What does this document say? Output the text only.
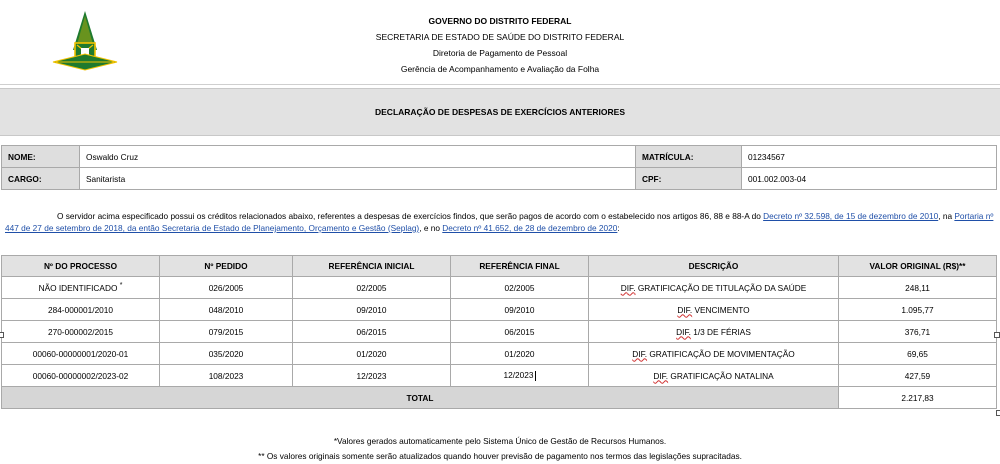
GOVERNO DO DISTRITO FEDERAL
SECRETARIA DE ESTADO DE SAÚDE DO DISTRITO FEDERAL
Diretoria de Pagamento de Pessoal
Gerência de Acompanhamento e Avaliação da Folha
DECLARAÇÃO DE DESPESAS DE EXERCÍCIOS ANTERIORES
NOME:	Oswaldo Cruz	MATRÍCULA:	01234567
CARGO:	Sanitarista	CPF:	001.002.003-04
O servidor acima especificado possui os créditos relacionados abaixo, referentes a despesas de exercícios findos, que serão pagos de acordo com o estabelecido nos artigos 86, 88 e 88-A do Decreto nº 32.598, de 15 de dezembro de 2010, na Portaria nº 447 de 27 de setembro de 2018, da então Secretaria de Estado de Planejamento, Orçamento e Gestão (Seplag), e no Decreto nº 41.652, de 28 de dezembro de 2020:
Nº DO PROCESSO	Nº PEDIDO	REFERÊNCIA INICIAL	REFERÊNCIA FINAL	DESCRIÇÃO	VALOR ORIGINAL (R$)**
NÃO IDENTIFICADO *	026/2005	02/2005	02/2005	DIF. GRATIFICAÇÃO DE TITULAÇÃO DA SAÚDE	248,11
284-000001/2010	048/2010	09/2010	09/2010	DIF. VENCIMENTO	1.095,77
270-000002/2015	079/2015	06/2015	06/2015	DIF. 1/3 DE FÉRIAS	376,71
00060-00000001/2020-01	035/2020	01/2020	01/2020	DIF. GRATIFICAÇÃO DE MOVIMENTAÇÃO	69,65
00060-00000002/2023-02	108/2023	12/2023	12/2023	DIF. GRATIFICAÇÃO NATALINA	427,59
TOTAL					2.217,83
*Valores gerados automaticamente pelo Sistema Único de Gestão de Recursos Humanos.
** Os valores originais somente serão atualizados quando houver previsão de pagamento nos termos das legislações supracitadas.
